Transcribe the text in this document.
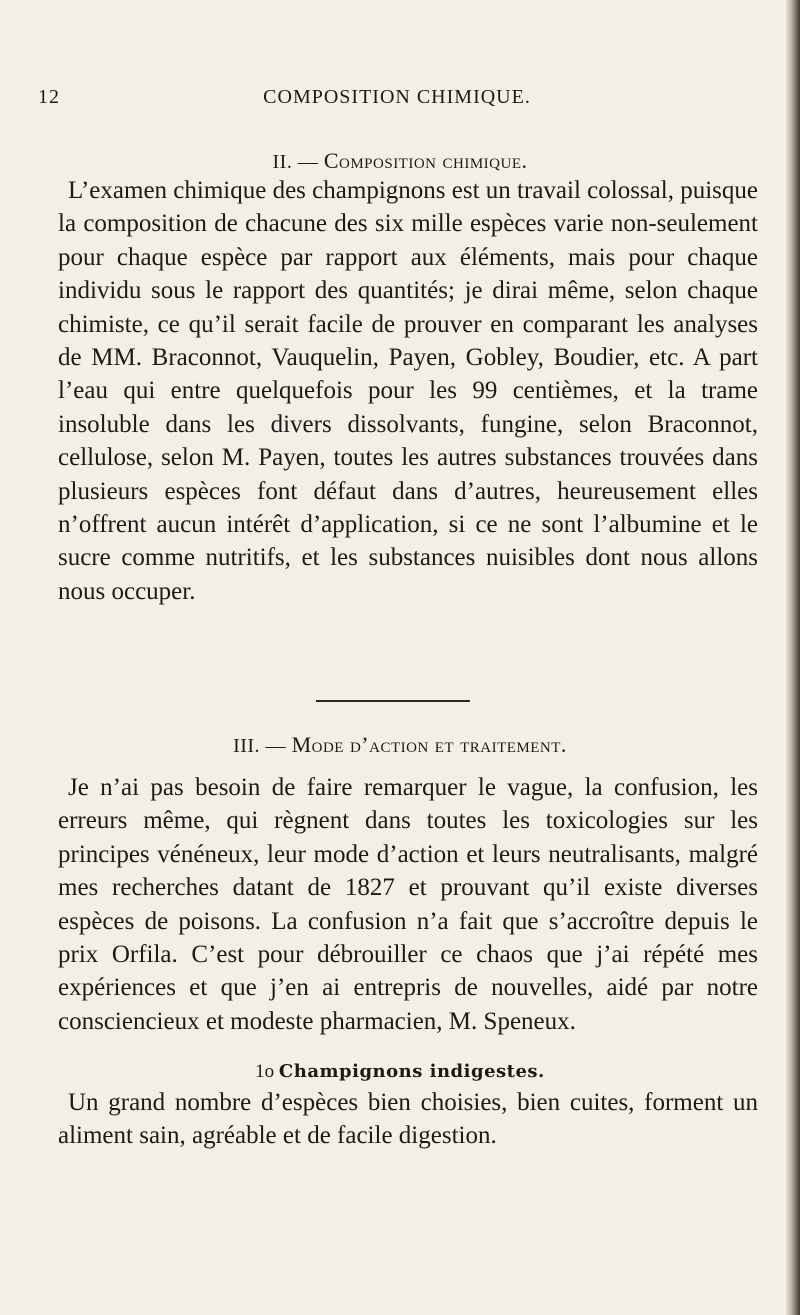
12	COMPOSITION CHIMIQUE.
II. — Composition chimique.

L’examen chimique des champignons est un travail colossal, puisque la composition de chacune des six mille espèces varie non-seulement pour chaque espèce par rapport aux éléments, mais pour chaque individu sous le rapport des quantités; je dirai même, selon chaque chimiste, ce qu’il serait facile de prouver en comparant les analyses de MM. Braconnot, Vauquelin, Payen, Gobley, Boudier, etc. A part l’eau qui entre quelquefois pour les 99 centièmes, et la trame insoluble dans les divers dissolvants, fungine, selon Braconnot, cellulose, selon M. Payen, toutes les autres substances trouvées dans plusieurs espèces font défaut dans d’autres, heureusement elles n’offrent aucun intérêt d’application, si ce ne sont l’albumine et le sucre comme nutritifs, et les substances nuisibles dont nous allons nous occuper.

III. — Mode d’action et traitement.

Je n’ai pas besoin de faire remarquer le vague, la confusion, les erreurs même, qui règnent dans toutes les toxicologies sur les principes vénéneux, leur mode d’action et leurs neutralisants, malgré mes recherches datant de 1827 et prouvant qu’il existe diverses espèces de poisons. La confusion n’a fait que s’accroître depuis le prix Orfila. C’est pour débrouiller ce chaos que j’ai répété mes expériences et que j’en ai entrepris de nouvelles, aidé par notre consciencieux et modeste pharmacien, M. Speneux.

1o Champignons indigestes.

Un grand nombre d’espèces bien choisies, bien cuites, forment un aliment sain, agréable et de facile digestion.
